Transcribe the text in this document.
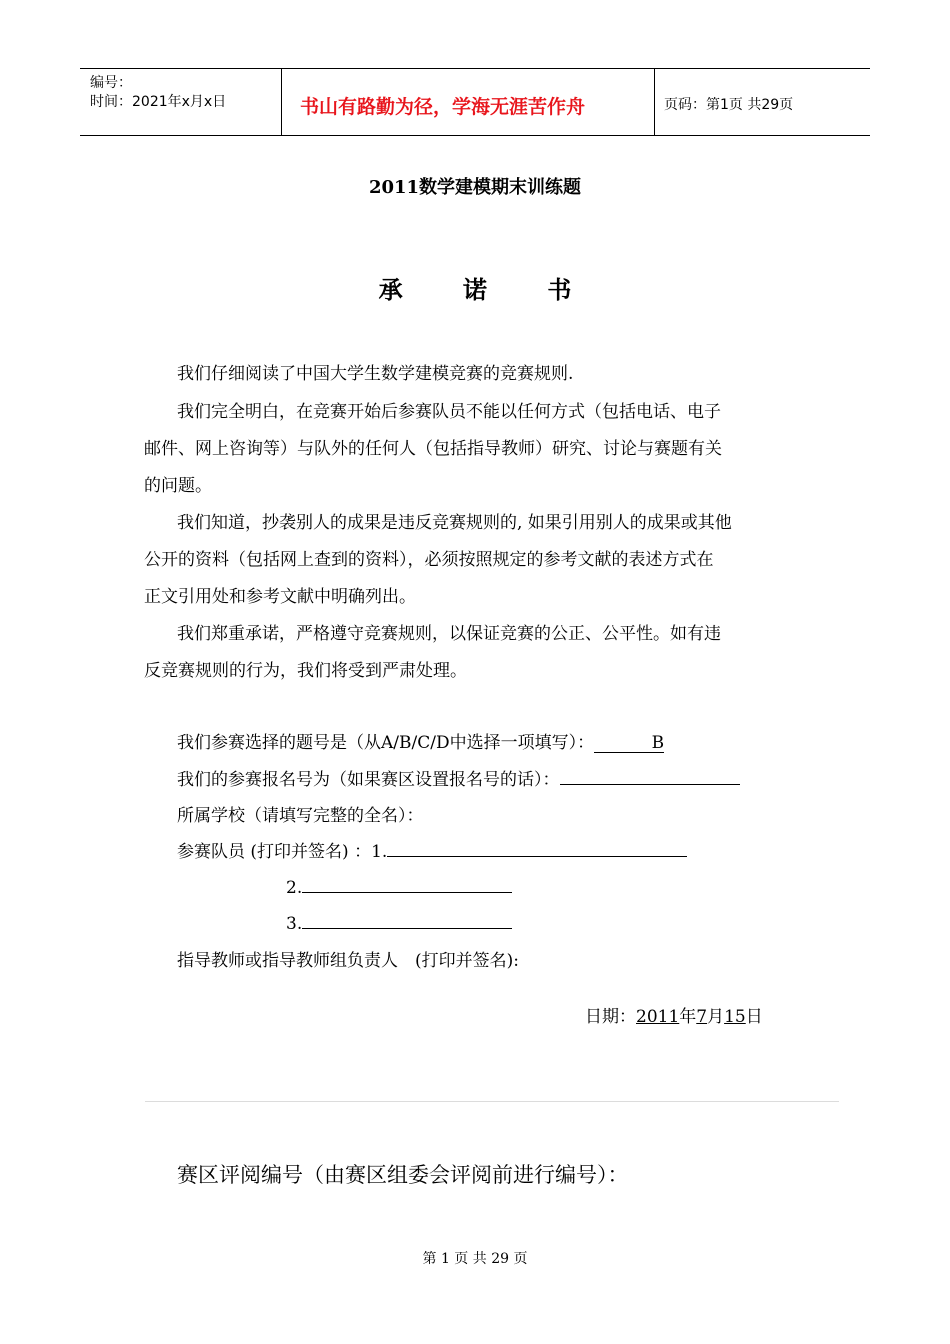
编号：
时间：2021年x月x日	书山有路勤为径，学海无涯苦作舟	页码：第1页 共29页
2011数学建模期末训练题
承 诺 书
我们仔细阅读了中国大学生数学建模竞赛的竞赛规则.
我们完全明白，在竞赛开始后参赛队员不能以任何方式（包括电话、电子
邮件、网上咨询等）与队外的任何人（包括指导教师）研究、讨论与赛题有关
的问题。
我们知道，抄袭别人的成果是违反竞赛规则的, 如果引用别人的成果或其他
公开的资料（包括网上查到的资料），必须按照规定的参考文献的表述方式在
正文引用处和参考文献中明确列出。
我们郑重承诺，严格遵守竞赛规则，以保证竞赛的公正、公平性。如有违
反竞赛规则的行为，我们将受到严肃处理。
我们参赛选择的题号是（从A/B/C/D中选择一项填写）：	B
我们的参赛报名号为（如果赛区设置报名号的话）：
所属学校（请填写完整的全名）：
参赛队员 (打印并签名) ：1.
2.
3.
指导教师或指导教师组负责人　(打印并签名):
日期：2011年7月15日
赛区评阅编号（由赛区组委会评阅前进行编号）：
第 1 页 共 29 页
